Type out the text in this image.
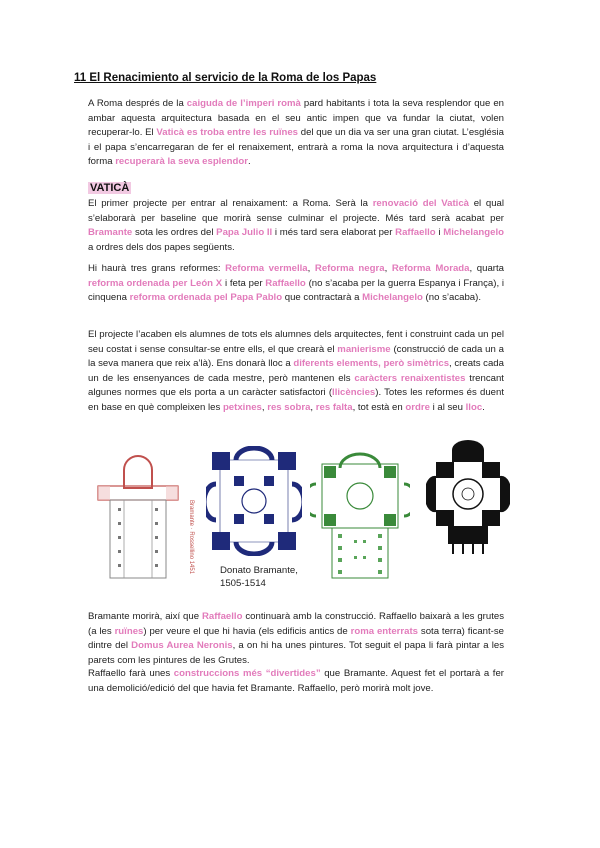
11 El Renacimiento al servicio de la Roma de los Papas

A Roma després de la caiguda de l’imperi romà pard habitants i tota la seva resplendor que en ambar aquesta arquitectura basada en el seu antic impen que va fundar la ciutat, volen recuperar-lo. El Vaticà es troba entre les ruïnes del que un dia va ser una gran ciutat. L’església i el papa s’encarregaran de fer el renaixement, entrarà a roma la nova arquitectura i d’aquesta forma recuperarà la seva esplendor.

VATICÀ

El primer projecte per entrar al renaixament: a Roma. Serà la renovació del Vaticà el qual s’elaborarà per baseline que morirà sense culminar el projecte. Més tard serà acabat per Bramante sota les ordres del Papa Julio II i més tard sera elaborat per Raffaello i Michelangelo a ordres dels dos papes següents.

Hi haurà tres grans reformes: Reforma vermella, Reforma negra, Reforma Morada, quarta reforma ordenada per León X i feta per Raffaello (no s’acaba per la guerra Espanya i França), i cinquena reforma ordenada pel Papa Pablo que contractarà a Michelangelo (no s’acaba).

El projecte l’acaben els alumnes de tots els alumnes dels arquitectes, fent i construint cada un pel seu costat i sense consultar-se entre ells, el que crearà el manierisme (construcció de cada un a la seva manera que reix a’là). Ens donarà lloc a diferents elements, però simètrics, creats cada un de les ensenyances de cada mestre, però mantenen els caràcters renaixentistes trencant algunes normes que els porta a un caràcter satisfactori (llicències). Totes les reformes és duent en base en què compleixen les petxines, res sobra, res falta, tot està en ordre i al seu lloc.

Bramante · Rossellino 1451	Donato Bramante,
1505-1514

Bramante morirà, així que Raffaello continuarà amb la construcció. Raffaello baixarà a les grutes (a les ruïnes) per veure el que hi havia (els edificis antics de roma enterrats sota terra) ficant-se dintre del Domus Aurea Neronis, a on hi ha unes pintures. Tot seguit el papa li farà pintar a les parets com les pintures de les Grutes.

Raffaello farà unes construccions més “divertides” que Bramante. Aquest fet el portarà a fer una demolició/edició del que havia fet Bramante. Raffaello, però morirà molt jove.
